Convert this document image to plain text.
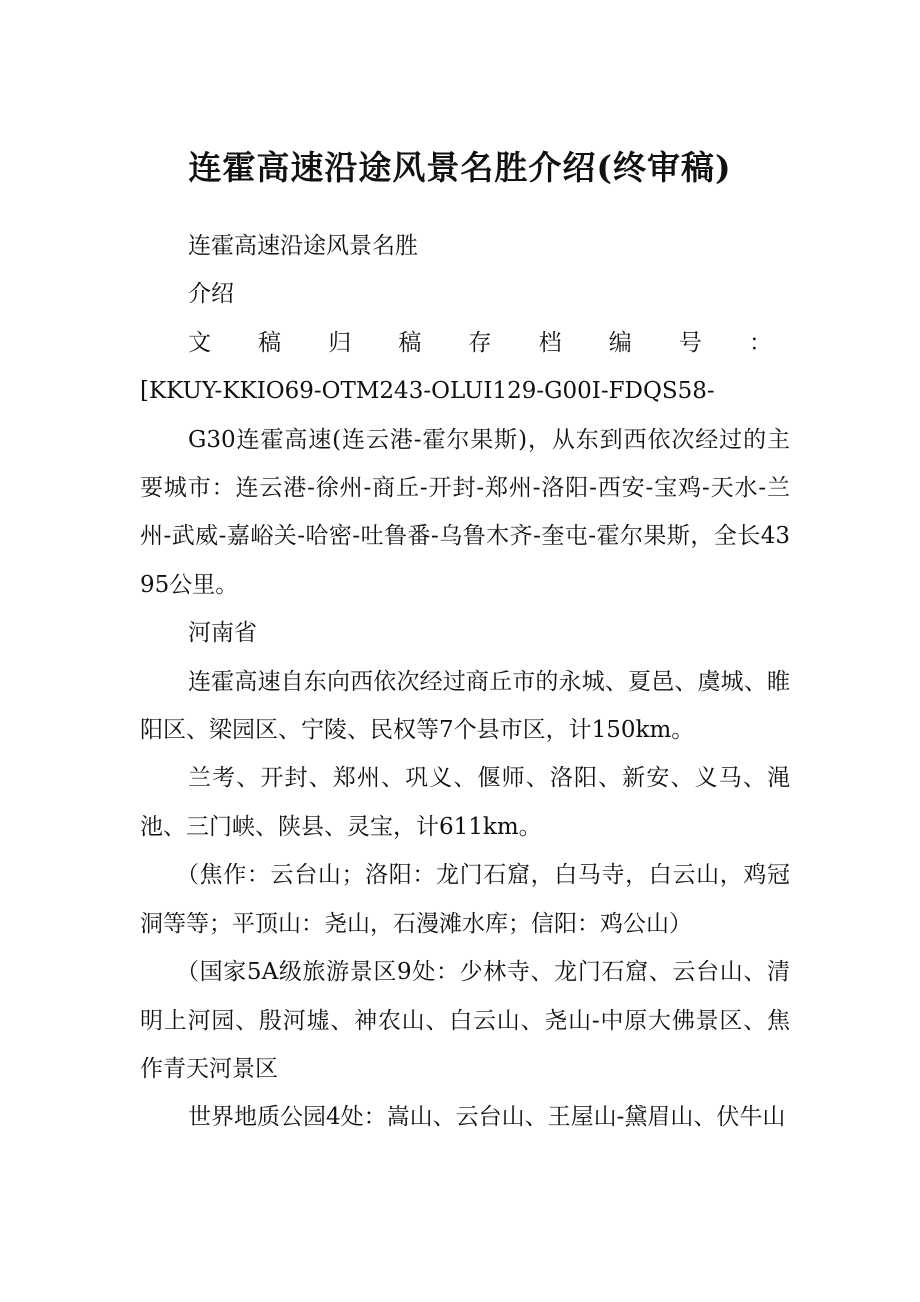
连霍高速沿途风景名胜介绍(终审稿)

连霍高速沿途风景名胜

介绍

文 稿 归 稿 存 档 编 号 ：

[KKUY-KKIO69-OTM243-OLUI129-G00I-FDQS58-

G30连霍高速(连云港-霍尔果斯)，从东到西依次经过的主要城市：连云港-徐州-商丘-开封-郑州-洛阳-西安-宝鸡-天水-兰州-武威-嘉峪关-哈密-吐鲁番-乌鲁木齐-奎屯-霍尔果斯，全长4395公里。

河南省

连霍高速自东向西依次经过商丘市的永城、夏邑、虞城、睢阳区、梁园区、宁陵、民权等7个县市区，计150km。

兰考、开封、郑州、巩义、偃师、洛阳、新安、义马、渑池、三门峡、陕县、灵宝，计611km。

（焦作：云台山；洛阳：龙门石窟，白马寺，白云山，鸡冠洞等等；平顶山：尧山，石漫滩水库；信阳：鸡公山）

（国家5A级旅游景区9处：少林寺、龙门石窟、云台山、清明上河园、殷河墟、神农山、白云山、尧山-中原大佛景区、焦作青天河景区

世界地质公园4处：嵩山、云台山、王屋山-黛眉山、伏牛山
